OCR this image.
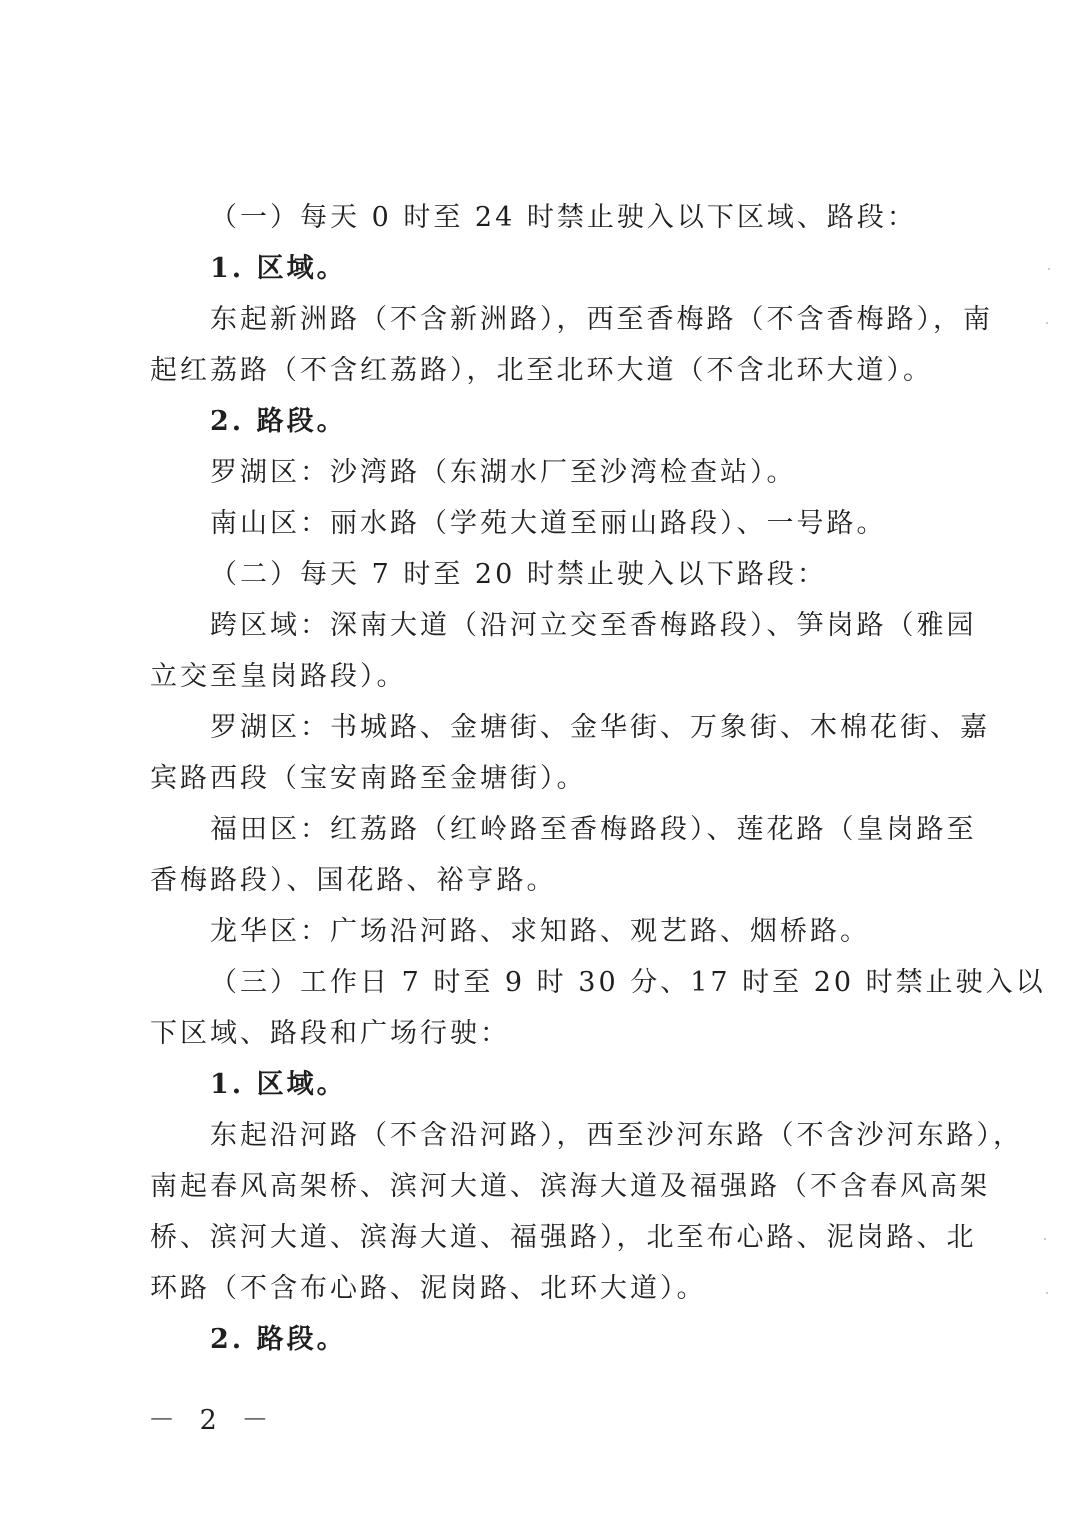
（一）每天 0 时至 24 时禁止驶入以下区域、路段：
1. 区域。
东起新洲路（不含新洲路），西至香梅路（不含香梅路），南
起红荔路（不含红荔路），北至北环大道（不含北环大道）。
2. 路段。
罗湖区：沙湾路（东湖水厂至沙湾检查站）。
南山区：丽水路（学苑大道至丽山路段）、一号路。
（二）每天 7 时至 20 时禁止驶入以下路段：
跨区域：深南大道（沿河立交至香梅路段）、笋岗路（雅园
立交至皇岗路段）。
罗湖区：书城路、金塘街、金华街、万象街、木棉花街、嘉
宾路西段（宝安南路至金塘街）。
福田区：红荔路（红岭路至香梅路段）、莲花路（皇岗路至
香梅路段）、国花路、裕亨路。
龙华区：广场沿河路、求知路、观艺路、烟桥路。
（三）工作日 7 时至 9 时 30 分、17 时至 20 时禁止驶入以
下区域、路段和广场行驶：
1. 区域。
东起沿河路（不含沿河路），西至沙河东路（不含沙河东路），
南起春风高架桥、滨河大道、滨海大道及福强路（不含春风高架
桥、滨河大道、滨海大道、福强路），北至布心路、泥岗路、北
环路（不含布心路、泥岗路、北环大道）。
2. 路段。
－ 2 －
